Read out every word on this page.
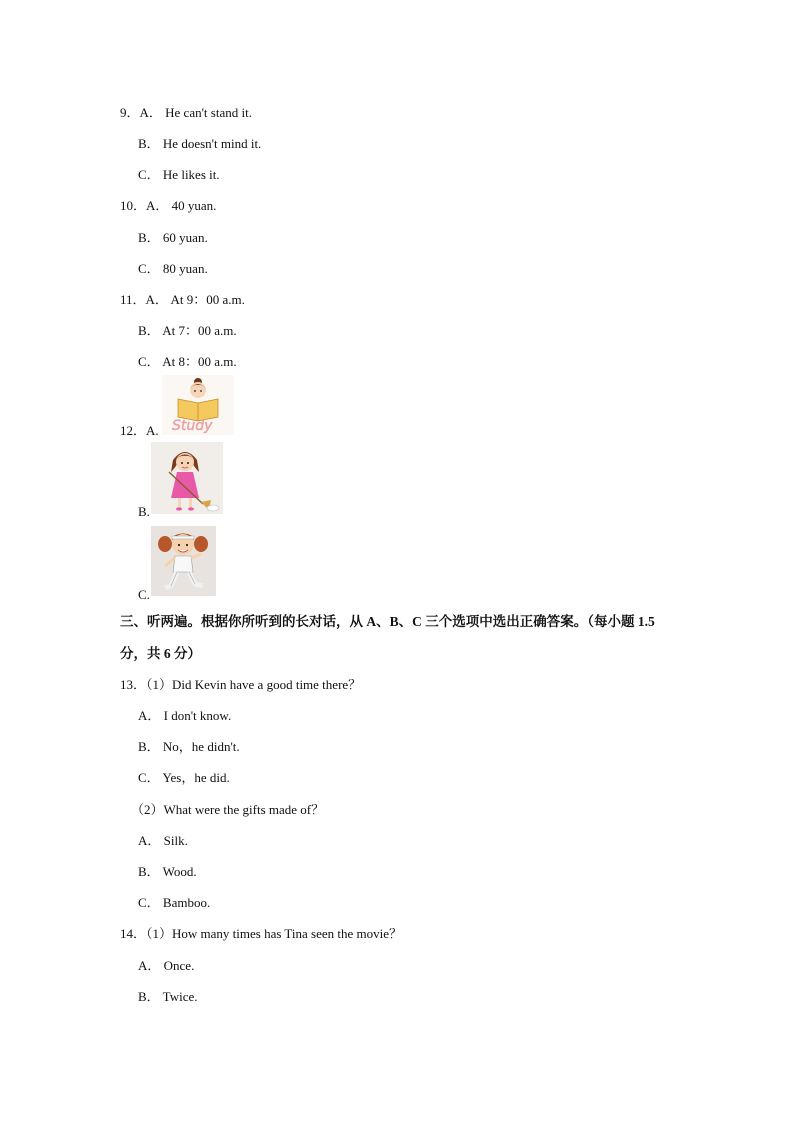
9．A． He can't stand it.
B． He doesn't mind it.
C． He likes it.
10．A． 40 yuan.
B． 60 yuan.
C． 80 yuan.
11．A． At 9：00 a.m.
B． At 7：00 a.m.
C． At 8：00 a.m.
12．A.
B.
C.
三、听两遍。根据你所听到的长对话，从 A、B、C 三个选项中选出正确答案。（每小题 1.5
分，共 6 分）
13．（1）Did Kevin have a good time there？
A． I don't know.
B． No，he didn't.
C． Yes，he did.
（2）What were the gifts made of？
A． Silk.
B． Wood.
C． Bamboo.
14．（1）How many times has Tina seen the movie？
A． Once.
B． Twice.
Study
